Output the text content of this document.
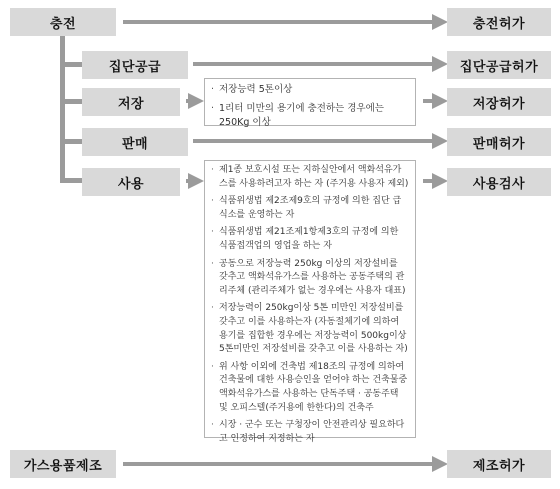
충전
집단공급
저장
판매
사용
가스용품제조
충전허가
집단공급허가
저장허가
판매허가
사용검사
제조허가
· 저장능력 5톤이상
· 1리터 미만의 용기에 충전하는 경우에는 250Kg 이상
· 제1종 보호시설 또는 지하실안에서 액화석유가스를 사용하려고자 하는 자 (주거용 사용자 제외)
· 식품위생법 제2조제9호의 규정에 의한 집단 급식소를 운영하는 자
· 식품위생법 제21조제1항제3호의 규정에 의한 식품접객업의 영업을 하는 자
· 공동으로 저장능력 250kg 이상의 저장설비를 갖추고 액화석유가스를 사용하는 공동주택의 관리주체 (관리주체가 없는 경우에는 사용자 대표)
· 저장능력이 250kg이상 5톤 미만인 저장설비를 갖추고 이를 사용하는자 (자동절체기에 의하여 용기를 집합한 경우에는 저장능력이 500kg이상 5톤미만인 저장설비를 갖추고 이를 사용하는 자)
· 위 사항 이외에 건축법 제18조의 규정에 의하여 건축물에 대한 사용승인을 얻어야 하는 건축물중 액화석유가스를 사용하는 단독주택 · 공동주택 및 오피스텔(주거용에 한한다)의 건축주
· 시장 · 군수 또는 구청장이 안전관리상 필요하다고 인정하여 지정하는 자
